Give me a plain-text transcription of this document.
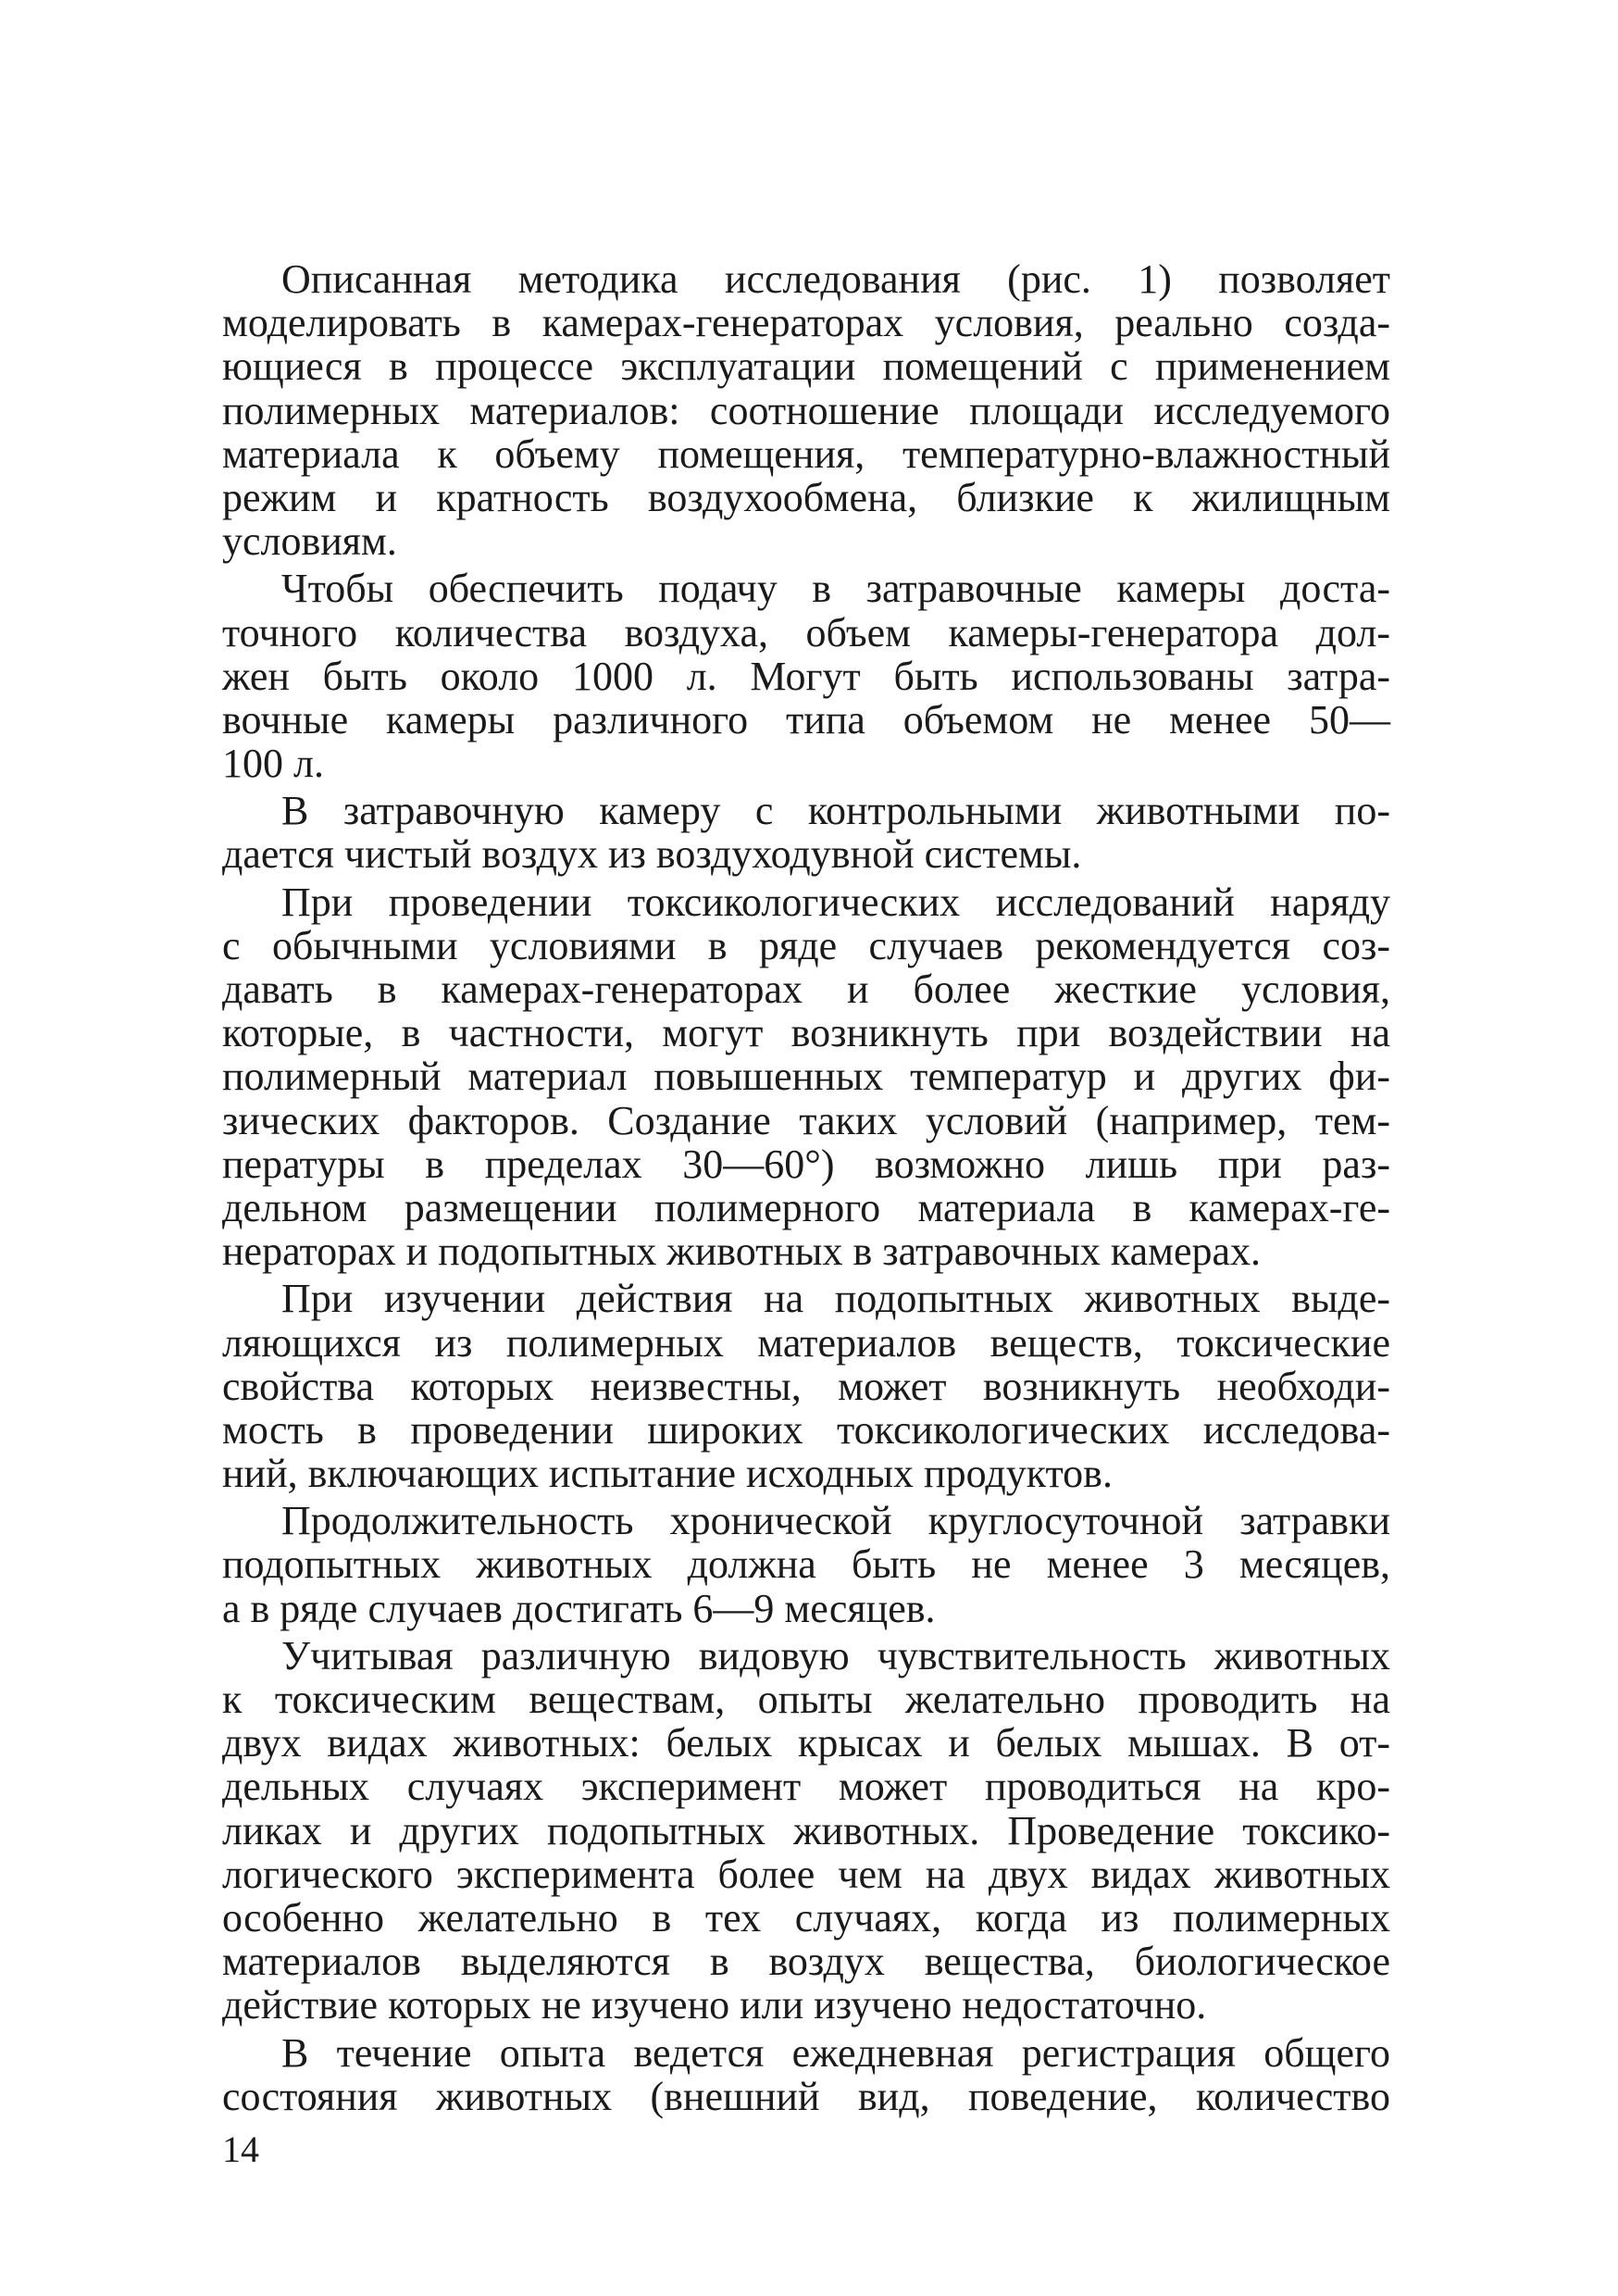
Описанная методика исследования (рис. 1) позволяет
моделировать в камерах-генераторах условия, реально созда-
ющиеся в процессе эксплуатации помещений с применением
полимерных материалов: соотношение площади исследуемого
материала к объему помещения, температурно-влажностный
режим и кратность воздухообмена, близкие к жилищным
условиям.
Чтобы обеспечить подачу в затравочные камеры доста-
точного количества воздуха, объем камеры-генератора дол-
жен быть около 1000 л. Могут быть использованы затра-
вочные камеры различного типа объемом не менее 50—
100 л.
В затравочную камеру с контрольными животными по-
дается чистый воздух из воздуходувной системы.
При проведении токсикологических исследований наряду
с обычными условиями в ряде случаев рекомендуется соз-
давать в камерах-генераторах и более жесткие условия,
которые, в частности, могут возникнуть при воздействии на
полимерный материал повышенных температур и других фи-
зических факторов. Создание таких условий (например, тем-
пературы в пределах 30—60°) возможно лишь при раз-
дельном размещении полимерного материала в камерах-ге-
нераторах и подопытных животных в затравочных камерах.
При изучении действия на подопытных животных выде-
ляющихся из полимерных материалов веществ, токсические
свойства которых неизвестны, может возникнуть необходи-
мость в проведении широких токсикологических исследова-
ний, включающих испытание исходных продуктов.
Продолжительность хронической круглосуточной затравки
подопытных животных должна быть не менее 3 месяцев,
а в ряде случаев достигать 6—9 месяцев.
Учитывая различную видовую чувствительность животных
к токсическим веществам, опыты желательно проводить на
двух видах животных: белых крысах и белых мышах. В от-
дельных случаях эксперимент может проводиться на кро-
ликах и других подопытных животных. Проведение токсико-
логического эксперимента более чем на двух видах животных
особенно желательно в тех случаях, когда из полимерных
материалов выделяются в воздух вещества, биологическое
действие которых не изучено или изучено недостаточно.
В течение опыта ведется ежедневная регистрация общего
состояния животных (внешний вид, поведение, количество
14
